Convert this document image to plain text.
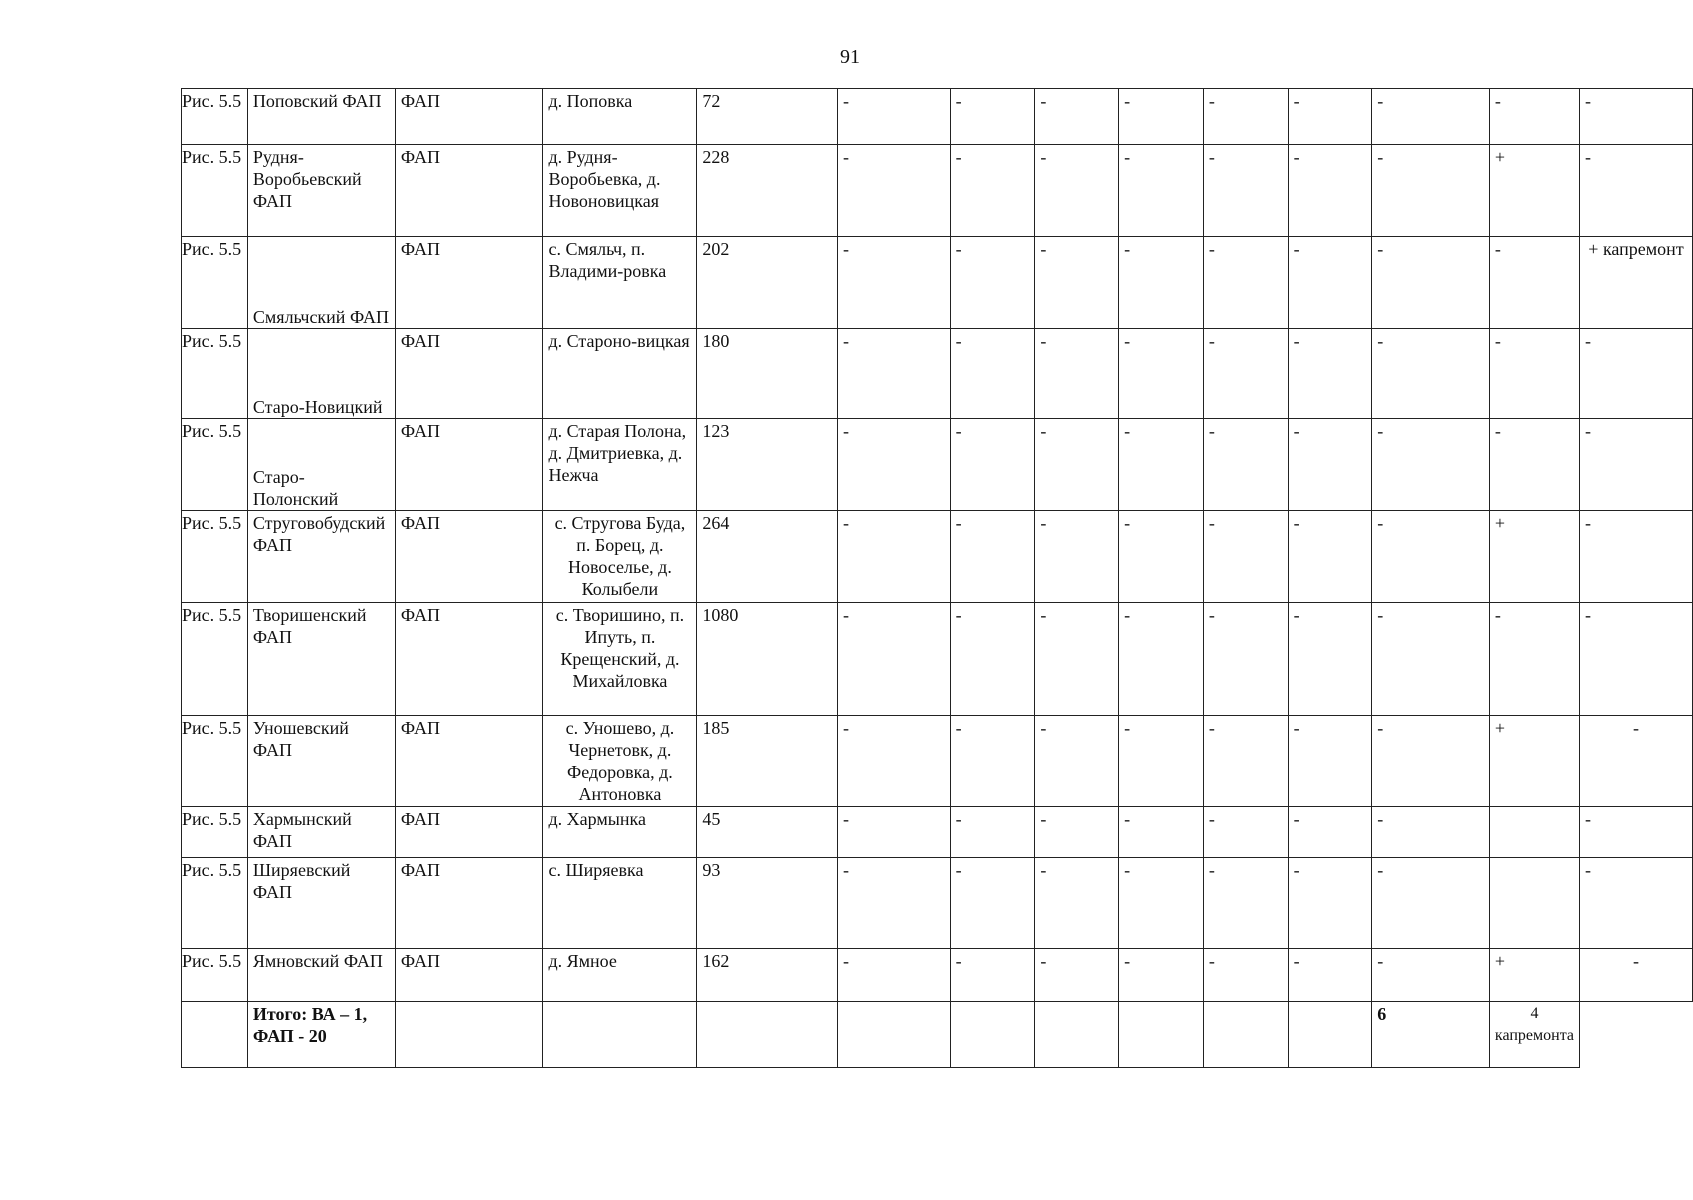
91
Рис. 5.5	Поповский ФАП	ФАП	д. Поповка	72	-	-	-	-	-	-	-	-	-
Рис. 5.5	Рудня-Воробьевский ФАП	ФАП	д. Рудня-Воробьевка, д. Новоновицкая	228	-	-	-	-	-	-	-	+	-
Рис. 5.5	Смяльчский ФАП	ФАП	с. Смяльч, п. Владими-ровка	202	-	-	-	-	-	-	-	-	+ капремонт
Рис. 5.5	Старо-Новицкий	ФАП	д. Староно-вицкая	180	-	-	-	-	-	-	-	-	-
Рис. 5.5	Старо-Полонский	ФАП	д. Старая Полона, д. Дмитриевка, д. Нежча	123	-	-	-	-	-	-	-	-	-
Рис. 5.5	Струговобудский ФАП	ФАП	с. Стругова Буда, п. Борец, д. Новоселье, д. Колыбели	264	-	-	-	-	-	-	-	+	-
Рис. 5.5	Творишенский ФАП	ФАП	с. Творишино, п. Ипуть, п. Крещенский, д. Михайловка	1080	-	-	-	-	-	-	-	-	-
Рис. 5.5	Уношевский ФАП	ФАП	с. Уношево, д. Чернетовк, д. Федоровка, д. Антоновка	185	-	-	-	-	-	-	-	+	-
Рис. 5.5	Хармынский ФАП	ФАП	д. Хармынка	45	-	-	-	-	-	-	-		-
Рис. 5.5	Ширяевский ФАП	ФАП	с. Ширяевка	93	-	-	-	-	-	-	-		-
Рис. 5.5	Ямновский ФАП	ФАП	д. Ямное	162	-	-	-	-	-	-	-	+	-
	Итого: ВА – 1, ФАП - 20										6	4 капремонта	
